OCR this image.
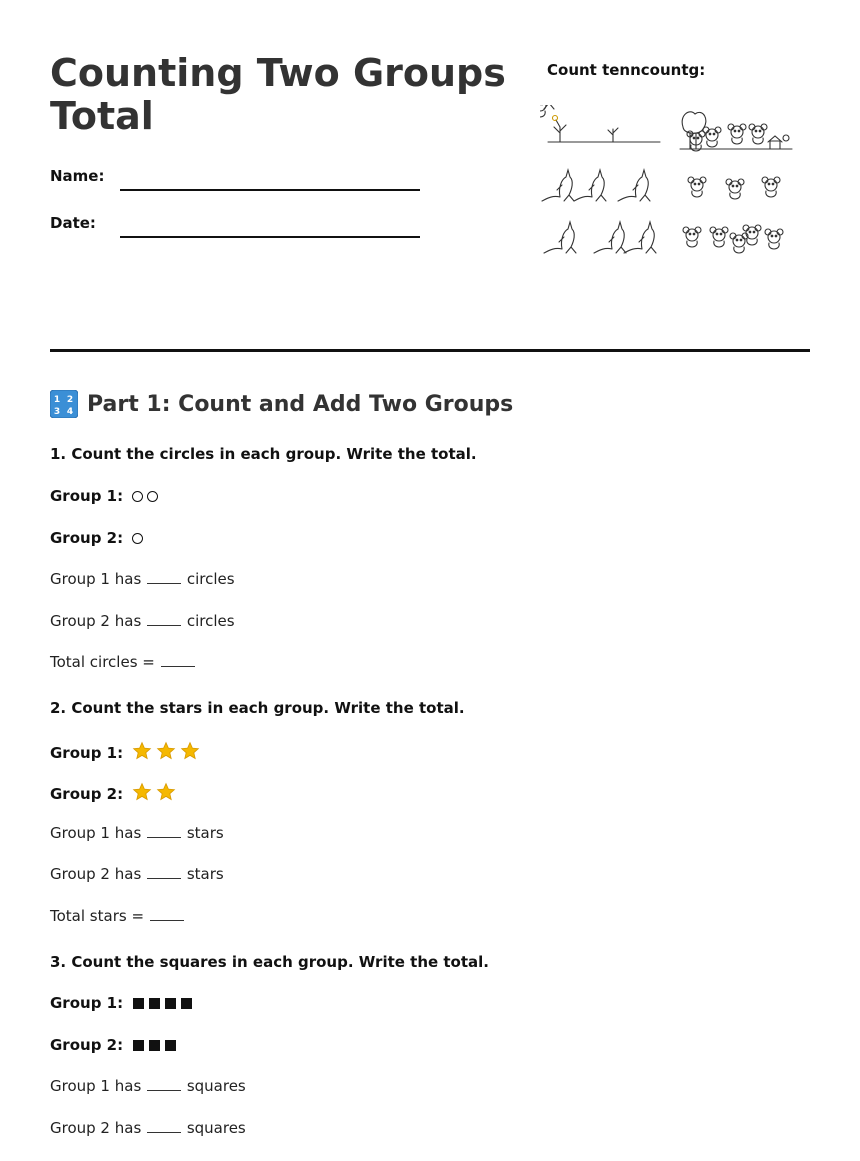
Counting Two Groups Total
Name:
Date:
Count tenncountg:
1 2
3 4 Part 1: Count and Add Two Groups
1. Count the circles in each group. Write the total.
Group 1:
Group 2:
Group 1 has	circles
Group 2 has	circles
Total circles =
2. Count the stars in each group. Write the total.
Group 1:
Group 2:
Group 1 has	stars
Group 2 has	stars
Total stars =
3. Count the squares in each group. Write the total.
Group 1:
Group 2:
Group 1 has	squares
Group 2 has	squares
